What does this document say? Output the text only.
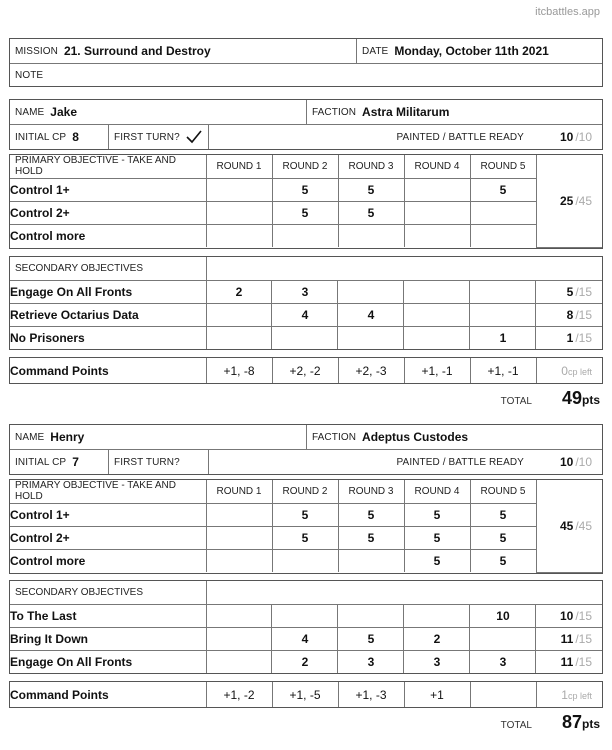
itcbattles.app
MISSION 21. Surround and Destroy	DATE Monday, October 11th 2021
NOTE
NAME Jake	FACTION Astra Militarum
INITIAL CP 8	FIRST TURN?	PAINTED / BATTLE READY	10 /10
PRIMARY OBJECTIVE - TAKE AND HOLD	ROUND 1	ROUND 2	ROUND 3	ROUND 4	ROUND 5	25 /45
Control 1+		5	5		5	
Control 2+		5	5			
Control more						
SECONDARY OBJECTIVES						
Engage On All Fronts	2	3				5 /15
Retrieve Octarius Data		4	4			8 /15
No Prisoners					1	1 /15
Command Points	+1, -8	+2, -2	+2, -3	+1, -1	+1, -1	0cp left
TOTAL 49 pts
NAME Henry	FACTION Adeptus Custodes
INITIAL CP 7	FIRST TURN?	PAINTED / BATTLE READY	10 /10
PRIMARY OBJECTIVE - TAKE AND HOLD	ROUND 1	ROUND 2	ROUND 3	ROUND 4	ROUND 5	45 /45
Control 1+		5	5	5	5	
Control 2+		5	5	5	5	
Control more				5	5	
SECONDARY OBJECTIVES						
To The Last					10	10 /15
Bring It Down		4	5	2		11 /15
Engage On All Fronts		2	3	3	3	11 /15
Command Points	+1, -2	+1, -5	+1, -3	+1		1cp left
TOTAL 87 pts
